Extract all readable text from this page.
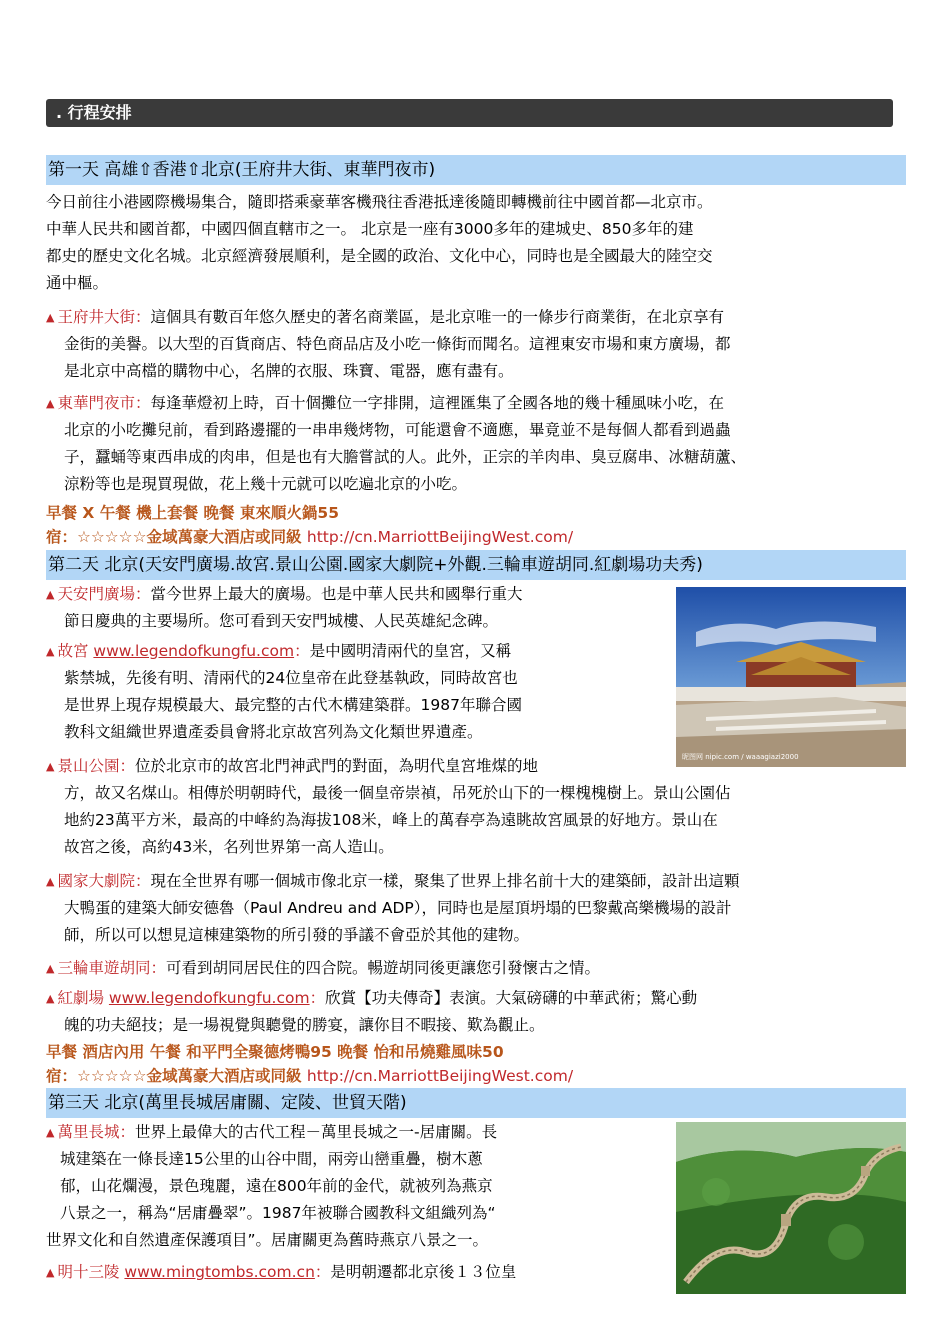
. 行程安排
第一天 高雄⇧香港⇧北京(王府井大街、東華門夜市)
今日前往小港國際機場集合，隨即搭乘豪華客機飛往香港抵達後隨即轉機前往中國首都—北京市。
中華人民共和國首都，中國四個直轄市之一。 北京是一座有3000多年的建城史、850多年的建
都史的歷史文化名城。北京經濟發展順利，是全國的政治、文化中心，同時也是全國最大的陸空交
通中樞。
▲ 王府井大街：這個具有數百年悠久歷史的著名商業區，是北京唯一的一條步行商業街，在北京享有
金街的美譽。以大型的百貨商店、特色商品店及小吃一條街而聞名。這裡東安市場和東方廣場，都
是北京中高檔的購物中心，名牌的衣服、珠寶、電器，應有盡有。
▲ 東華門夜市：每逢華燈初上時，百十個攤位一字排開，這裡匯集了全國各地的幾十種風味小吃，在
北京的小吃攤兒前，看到路邊擺的一串串幾烤物，可能還會不適應，畢竟並不是每個人都看到過蟲
子，蠶蛹等東西串成的肉串，但是也有大膽嘗試的人。此外，正宗的羊肉串、臭豆腐串、冰糖葫蘆、
涼粉等也是現買現做，花上幾十元就可以吃遍北京的小吃。
早餐 X 午餐 機上套餐 晚餐 東來順火鍋55
宿：☆☆☆☆☆金域萬豪大酒店或同級 http://cn.MarriottBeijingWest.com/
第二天 北京(天安門廣場.故宮.景山公園.國家大劇院+外觀.三輪車遊胡同.紅劇場功夫秀)
▲ 天安門廣場：當今世界上最大的廣場。也是中華人民共和國舉行重大
節日慶典的主要場所。您可看到天安門城樓、人民英雄紀念碑。
▲ 故宮 www.legendofkungfu.com：是中國明清兩代的皇宮，又稱
紫禁城，先後有明、清兩代的24位皇帝在此登基執政，同時故宮也
是世界上現存規模最大、最完整的古代木構建築群。1987年聯合國
教科文組織世界遺產委員會將北京故宮列為文化類世界遺產。
昵图网 nipic.com / waaagiazi2000
▲ 景山公園：位於北京市的故宮北門神武門的對面，為明代皇宮堆煤的地
方，故又名煤山。相傳於明朝時代，最後一個皇帝崇禎，吊死於山下的一棵槐槐樹上。景山公園佔
地約23萬平方米，最高的中峰約為海拔108米，峰上的萬春亭為遠眺故宮風景的好地方。景山在
故宮之後，高約43米，名列世界第一高人造山。
▲ 國家大劇院：現在全世界有哪一個城市像北京一樣，聚集了世界上排名前十大的建築師，設計出這顆
大鴨蛋的建築大師安德魯（Paul Andreu and ADP），同時也是屋頂坍塌的巴黎戴高樂機場的設計
師，所以可以想見這棟建築物的所引發的爭議不會亞於其他的建物。
▲ 三輪車遊胡同：可看到胡同居民住的四合院。暢遊胡同後更讓您引發懷古之情。
▲ 紅劇場 www.legendofkungfu.com：欣賞【功夫傳奇】表演。大氣磅礴的中華武術；驚心動
魄的功夫絕技；是一場視覺與聽覺的勝宴，讓你目不暇接、歎為觀止。
早餐 酒店內用 午餐 和平門全聚德烤鴨95 晚餐 怡和吊燒雞風味50
宿：☆☆☆☆☆金域萬豪大酒店或同級 http://cn.MarriottBeijingWest.com/
第三天 北京(萬里長城居庸關、定陵、世貿天階)
▲ 萬里長城：世界上最偉大的古代工程－萬里長城之一-居庸關。長
城建築在一條長達15公里的山谷中間，兩旁山巒重疊，樹木蔥
郁，山花爛漫，景色瑰麗，遠在800年前的金代，就被列為燕京
八景之一，稱為“居庸疊翠”。1987年被聯合國教科文組織列為“
世界文化和自然遺產保護項目”。居庸關更為舊時燕京八景之一。
▲ 明十三陵 www.mingtombs.com.cn：是明朝遷都北京後１３位皇
